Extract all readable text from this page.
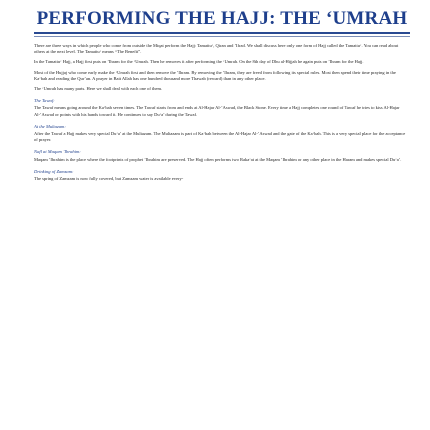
PERFORMING THE HAJJ: THE ‘UMRAH

There are three ways in which people who come from outside the Miqat perform the Hajj: Tamattu‘, Qiran and ’Ifrad. We shall discuss here only one form of Hajj called the Tamattu‘. You can read about others at the next level. The Tamattu‘ means “The Benefit”.

In the Tamattu‘ Hajj, a Hajj first puts on ’Ihram for the ‘Umrah. Then he removes it after performing the ‘Umrah. On the 8th day of Dhu al-Hijjah he again puts on ’Ihram for the Hajj.

Most of the Hujjaj who come early make the ‘Umrah first and then remove the ’Ihram. By removing the ’Ihram, they are freed from following its special rules. Most then spend their time praying in the Ka‘bah and reading the Qur’an. A prayer in Bait Allah has one hundred thousand more Thawab (reward) than in any other place.

The ‘Umrah has many parts. Here we shall deal with each one of them.

The Tawaf:

The Tawaf means going around the Ka‘bah seven times. The Tawaf starts from and ends at Al-Hajar Al-’Aswad, the Black Stone. Every time a Hajj completes one round of Tawaf he tries to kiss Al-Hajar Al-’Aswad or points with his hands toward it. He continues to say Du‘a’ during the Tawaf.

At the Multazam:

After the Tawaf a Hajj makes very special Du‘a’ at the Multazam. The Multazam is part of Ka‘bah between the Al-Hajar Al-’Aswad and the gate of the Ka‘bah. This is a very special place for the acceptance of prayer.

Nafl at Maqam ’Ibrahim:

Maqam ’Ibrahim is the place where the footprints of prophet ’Ibrahim are preserved. The Hajj often performs two Raka‘at at the Maqam ’Ibrahim or any other place in the Haram and makes special Du‘a’.

Drinking of Zamzam:

The spring of Zamzam is now fully covered, but Zamzam water is available every-
